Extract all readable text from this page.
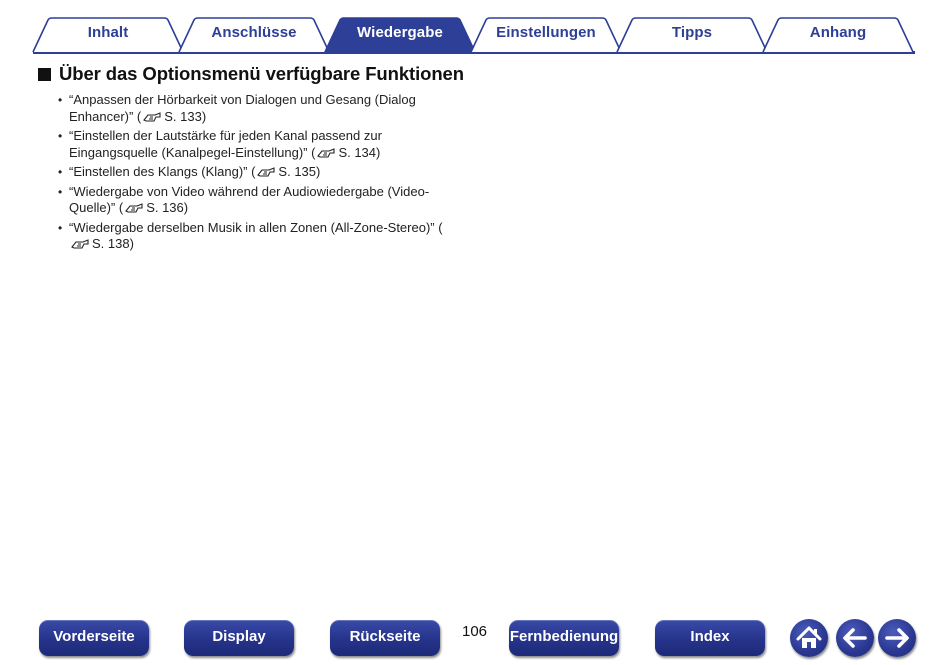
Inhalt	Anschlüsse	Wiedergabe	Einstellungen	Tipps	Anhang
Über das Optionsmenü verfügbare Funktionen
• “Anpassen der Hörbarkeit von Dialogen und Gesang (Dialog Enhancer)” ( S. 133)
• “Einstellen der Lautstärke für jeden Kanal passend zur Eingangsquelle (Kanalpegel-Einstellung)” ( S. 134)
• “Einstellen des Klangs (Klang)” ( S. 135)
• “Wiedergabe von Video während der Audiowiedergabe (Video-Quelle)” ( S. 136)
• “Wiedergabe derselben Musik in allen Zonen (All-Zone-Stereo)” (S. 138)
Vorderseite	Display	Rückseite	106 Fernbedienung	Index
